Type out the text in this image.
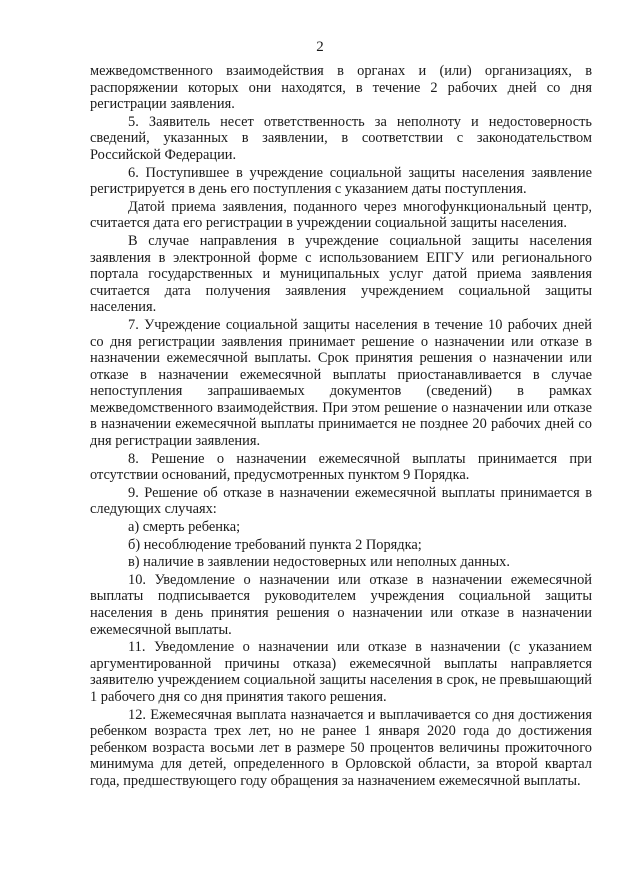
2

межведомственного взаимодействия в органах и (или) организациях, в распоряжении которых они находятся, в течение 2 рабочих дней со дня регистрации заявления.

5. Заявитель несет ответственность за неполноту и недостоверность сведений, указанных в заявлении, в соответствии с законодательством Российской Федерации.

6. Поступившее в учреждение социальной защиты населения заявление регистрируется в день его поступления с указанием даты поступления.

Датой приема заявления, поданного через многофункциональный центр, считается дата его регистрации в учреждении социальной защиты населения.

В случае направления в учреждение социальной защиты населения заявления в электронной форме с использованием ЕПГУ или регионального портала государственных и муниципальных услуг датой приема заявления считается дата получения заявления учреждением социальной защиты населения.

7. Учреждение социальной защиты населения в течение 10 рабочих дней со дня регистрации заявления принимает решение о назначении или отказе в назначении ежемесячной выплаты. Срок принятия решения о назначении или отказе в назначении ежемесячной выплаты приостанавливается в случае непоступления запрашиваемых документов (сведений) в рамках межведомственного взаимодействия. При этом решение о назначении или отказе в назначении ежемесячной выплаты принимается не позднее 20 рабочих дней со дня регистрации заявления.

8. Решение о назначении ежемесячной выплаты принимается при отсутствии оснований, предусмотренных пунктом 9 Порядка.

9. Решение об отказе в назначении ежемесячной выплаты принимается в следующих случаях:

а) смерть ребенка;

б) несоблюдение требований пункта 2 Порядка;

в) наличие в заявлении недостоверных или неполных данных.

10. Уведомление о назначении или отказе в назначении ежемесячной выплаты подписывается руководителем учреждения социальной защиты населения в день принятия решения о назначении или отказе в назначении ежемесячной выплаты.

11. Уведомление о назначении или отказе в назначении (с указанием аргументированной причины отказа) ежемесячной выплаты направляется заявителю учреждением социальной защиты населения в срок, не превышающий 1 рабочего дня со дня принятия такого решения.

12. Ежемесячная выплата назначается и выплачивается со дня достижения ребенком возраста трех лет, но не ранее 1 января 2020 года до достижения ребенком возраста восьми лет в размере 50 процентов величины прожиточного минимума для детей, определенного в Орловской области, за второй квартал года, предшествующего году обращения за назначением ежемесячной выплаты.
